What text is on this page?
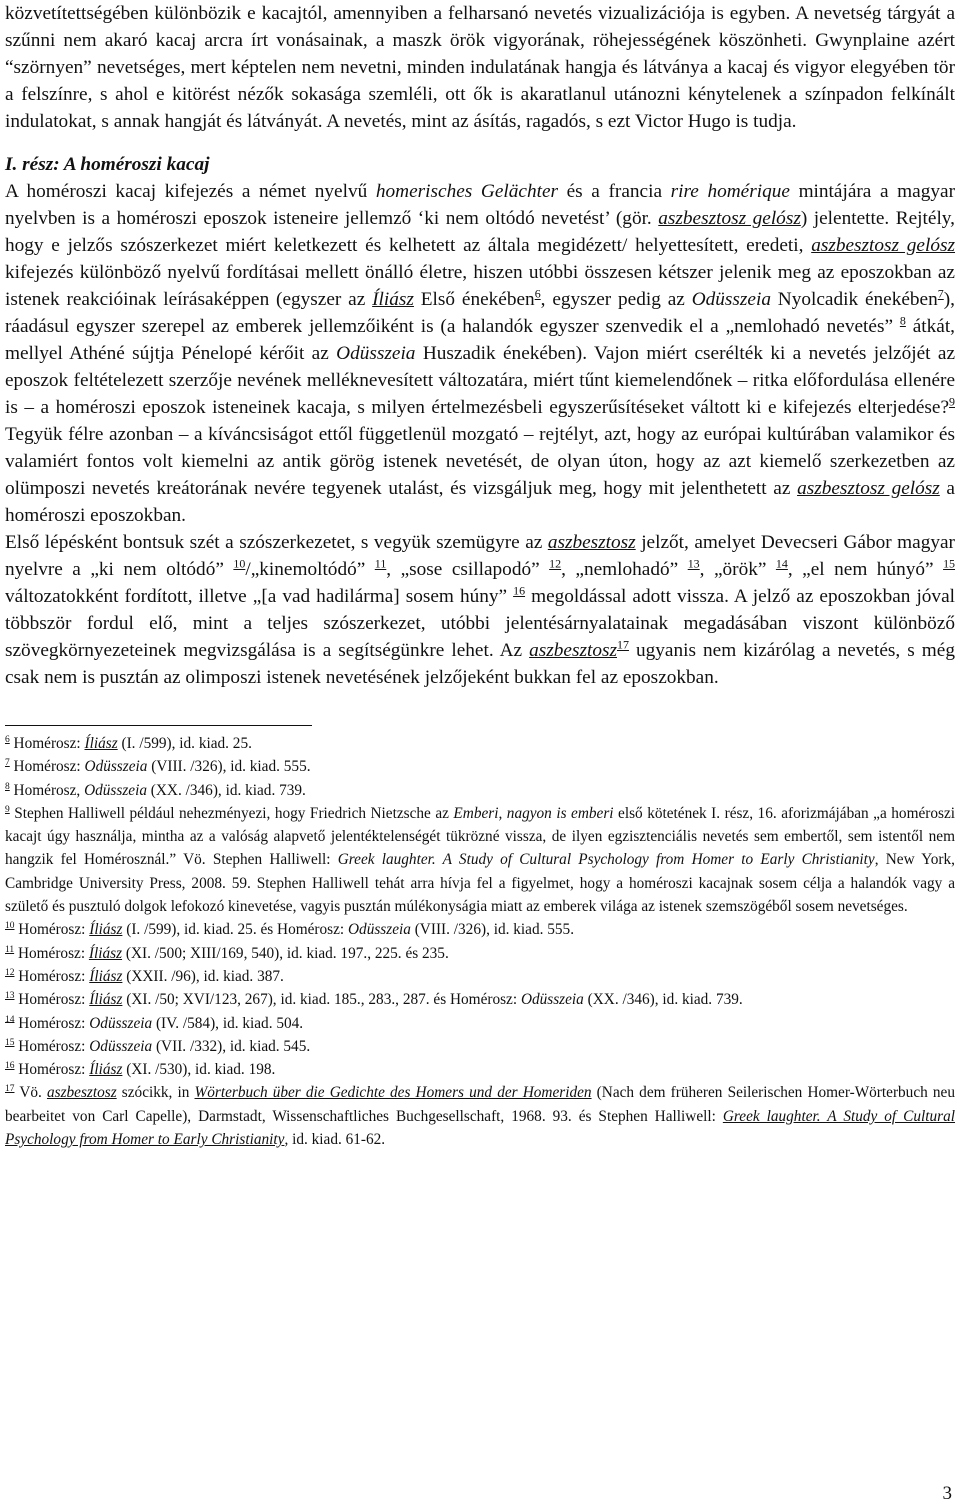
közvetítettségében különbözik e kacajtól, amennyiben a felharsanó nevetés vizualizációja is egyben. A nevetség tárgyát a szűnni nem akaró kacaj arcra írt vonásainak, a maszk örök vigyorának, röhejességének köszönheti. Gwynplaine azért “szörnyen” nevetséges, mert képtelen nem nevetni, minden indulatának hangja és látványa a kacaj és vigyor elegyében tör a felszínre, s ahol e kitörést nézők sokasága szemléli, ott ők is akaratlanul utánozni kénytelenek a színpadon felkínált indulatokat, s annak hangját és látványát. A nevetés, mint az ásítás, ragadós, s ezt Victor Hugo is tudja.

I. rész: A homéroszi kacaj

A homéroszi kacaj kifejezés a német nyelvű homerisches Gelächter és a francia rire homérique mintájára a magyar nyelvben is a homéroszi eposzok isteneire jellemző ‘ki nem oltódó nevetést’ (gör. aszbesztosz gelósz) jelentette. Rejtély, hogy e jelzős szószerkezet miért keletkezett és kelhetett az általa megidézett/ helyettesített, eredeti, aszbesztosz gelósz kifejezés különböző nyelvű fordításai mellett önálló életre, hiszen utóbbi összesen kétszer jelenik meg az eposzokban az istenek reakcióinak leírásaképpen (egyszer az Íliász Első énekében$^6$, egyszer pedig az Odüsszeia Nyolcadik énekében$^7$), ráadásul egyszer szerepel az emberek jellemzőiként is (a halandók egyszer szenvedik el a „nemlohadó nevetés” $^8$ átkát, mellyel Athéné sújtja Pénelopé kérőit az Odüsszeia Huszadik énekében). Vajon miért cserélték ki a nevetés jelzőjét az eposzok feltételezett szerzője nevének melléknevesített változatára, miért tűnt kiemelendőnek – ritka előfordulása ellenére is – a homéroszi eposzok isteneinek kacaja, s milyen értelmezésbeli egyszerűsítéseket váltott ki e kifejezés elterjedése?$^9$ Tegyük félre azonban – a kíváncsiságot ettől függetlenül mozgató – rejtélyt, azt, hogy az európai kultúrában valamikor és valamiért fontos volt kiemelni az antik görög istenek nevetését, de olyan úton, hogy az azt kiemelő szerkezetben az olümposzi nevetés kreátorának nevére tegyenek utalást, és vizsgáljuk meg, hogy mit jelenthetett az aszbesztosz gelósz a homéroszi eposzokban.

Első lépésként bontsuk szét a szószerkezetet, s vegyük szemügyre az aszbesztosz jelzőt, amelyet Devecseri Gábor magyar nyelvre a „ki nem oltódó” $^{10}$/„kinemoltódó” $^{11}$, „sose csillapodó” $^{12}$, „nemlohadó” $^{13}$, „örök” $^{14}$, „el nem húnyó” $^{15}$ változatokként fordított, illetve „[a vad hadilárma] sosem húny” $^{16}$ megoldással adott vissza. A jelző az eposzokban jóval többször fordul elő, mint a teljes szószerkezet, utóbbi jelentésárnyalatainak megadásában viszont különböző szövegkörnyezeteinek megvizsgálása is a segítségünkre lehet. Az aszbesztosz$^{17}$ ugyanis nem kizárólag a nevetés, s még csak nem is pusztán az olimposzi istenek nevetésének jelzőjeként bukkan fel az eposzokban.

$^6$ Homérosz: Íliász (I. /599), id. kiad. 25.

$^7$ Homérosz: Odüsszeia (VIII. /326), id. kiad. 555.

$^8$ Homérosz, Odüsszeia (XX. /346), id. kiad. 739.

$^9$ Stephen Halliwell például nehezményezi, hogy Friedrich Nietzsche az Emberi, nagyon is emberi első kötetének I. rész, 16. aforizmájában „a homéroszi kacajt úgy használja, mintha az a valóság alapvető jelentéktelenségét tükrözné vissza, de ilyen egzisztenciális nevetés sem embertől, sem istentől nem hangzik fel Homérosznál.” Vö. Stephen Halliwell: Greek laughter. A Study of Cultural Psychology from Homer to Early Christianity, New York, Cambridge University Press, 2008. 59. Stephen Halliwell tehát arra hívja fel a figyelmet, hogy a homéroszi kacajnak sosem célja a halandók vagy a születő és pusztuló dolgok lefokozó kinevetése, vagyis pusztán múlékonyságia miatt az emberek világa az istenek szemszögéből sosem nevetséges.

$^{10}$ Homérosz: Íliász (I. /599), id. kiad. 25. és Homérosz: Odüsszeia (VIII. /326), id. kiad. 555.

$^{11}$ Homérosz: Íliász (XI. /500; XIII/169, 540), id. kiad. 197., 225. és 235.

$^{12}$ Homérosz: Íliász (XXII. /96), id. kiad. 387.

$^{13}$ Homérosz: Íliász (XI. /50; XVI/123, 267), id. kiad. 185., 283., 287. és Homérosz: Odüsszeia (XX. /346), id. kiad. 739.

$^{14}$ Homérosz: Odüsszeia (IV. /584), id. kiad. 504.

$^{15}$ Homérosz: Odüsszeia (VII. /332), id. kiad. 545.

$^{16}$ Homérosz: Íliász (XI. /530), id. kiad. 198.

$^{17}$ Vö. aszbesztosz szócikk, in Wörterbuch über die Gedichte des Homers und der Homeriden (Nach dem früheren Seilerischen Homer-Wörterbuch neu bearbeitet von Carl Capelle), Darmstadt, Wissenschaftliches Buchgesellschaft, 1968. 93. és Stephen Halliwell: Greek laughter. A Study of Cultural Psychology from Homer to Early Christianity, id. kiad. 61-62.

3
